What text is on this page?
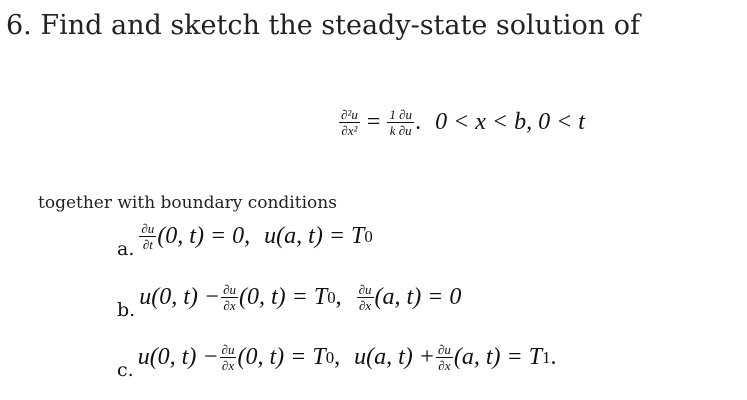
6. Find and sketch the steady-state solution of
$\frac{\text{∂²u}}{\text{∂x²}} = \frac{1 \partial u}{k \partial u}$ . 0 < x < b, 0 < t
together with boundary conditions
a. $\frac{\partial u}{\partial t} (0$, t) = 0, u(a, t) = T 0
b. u(0, $t) - \frac{\partial u}{\partial x} (0$, t) = T 0 , $\frac{\partial u}{\partial x} (a$, t) = 0
c. u(0, $t) - \frac{\partial u}{\partial x} (0$, t) = T 0 , u(a, $t) + \frac{\partial u}{\partial x} (a$, t) = T 1 .
